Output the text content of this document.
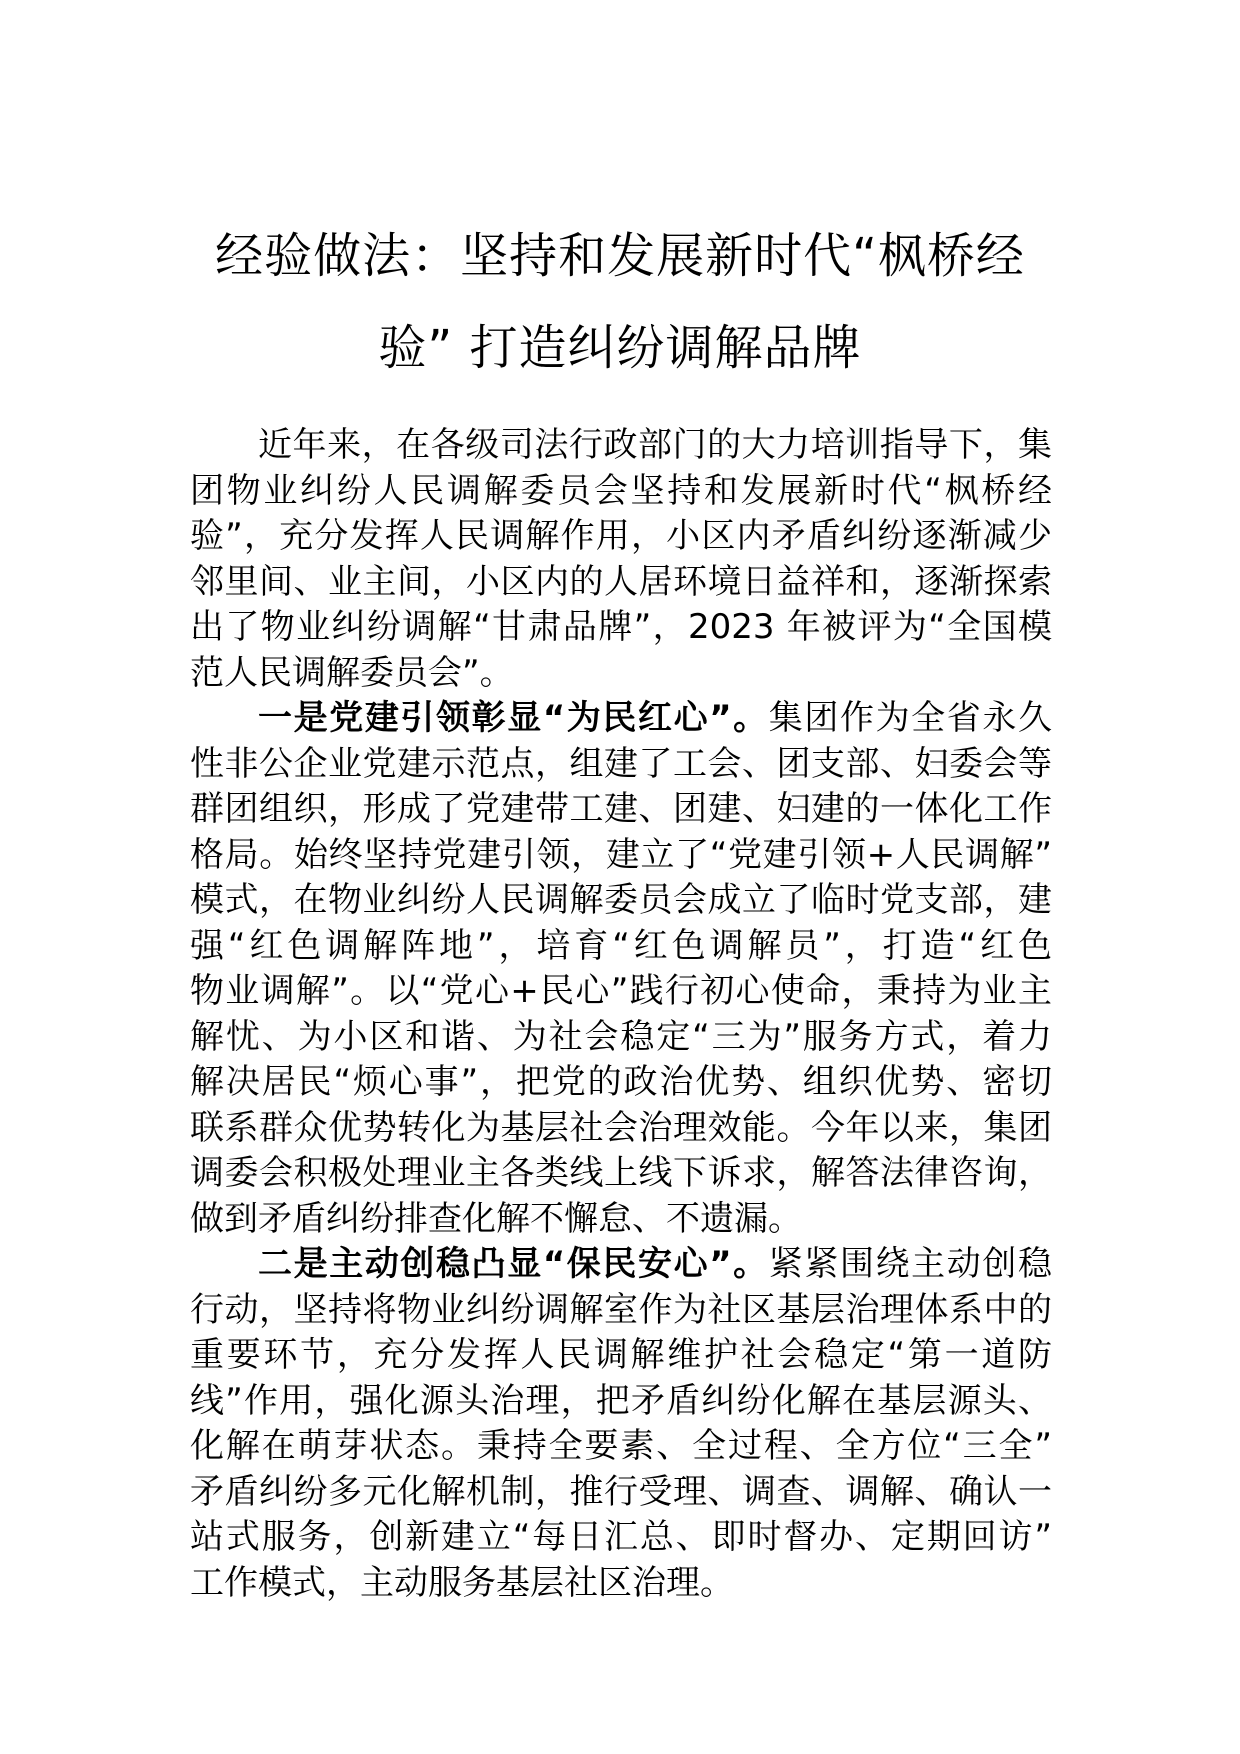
经验做法：坚持和发展新时代“枫桥经
验” 打造纠纷调解品牌
近年来，在各级司法行政部门的大力培训指导下，集
团物业纠纷人民调解委员会坚持和发展新时代“枫桥经
验”，充分发挥人民调解作用，小区内矛盾纠纷逐渐减少
邻里间、业主间，小区内的人居环境日益祥和，逐渐探索
出了物业纠纷调解“甘肃品牌”，2023 年被评为“全国模
范人民调解委员会”。
一是党建引领彰显“为民红心”。集团作为全省永久
性非公企业党建示范点，组建了工会、团支部、妇委会等
群团组织，形成了党建带工建、团建、妇建的一体化工作
格局。始终坚持党建引领，建立了“党建引领+人民调解”
模式，在物业纠纷人民调解委员会成立了临时党支部，建
强“红色调解阵地”，培育“红色调解员”，打造“红色
物业调解”。以“党心+民心”践行初心使命，秉持为业主
解忧、为小区和谐、为社会稳定“三为”服务方式，着力
解决居民“烦心事”，把党的政治优势、组织优势、密切
联系群众优势转化为基层社会治理效能。今年以来，集团
调委会积极处理业主各类线上线下诉求，解答法律咨询，
做到矛盾纠纷排查化解不懈怠、不遗漏。
二是主动创稳凸显“保民安心”。紧紧围绕主动创稳
行动，坚持将物业纠纷调解室作为社区基层治理体系中的
重要环节，充分发挥人民调解维护社会稳定“第一道防
线”作用，强化源头治理，把矛盾纠纷化解在基层源头、
化解在萌芽状态。秉持全要素、全过程、全方位“三全”
矛盾纠纷多元化解机制，推行受理、调查、调解、确认一
站式服务，创新建立“每日汇总、即时督办、定期回访”
工作模式，主动服务基层社区治理。
